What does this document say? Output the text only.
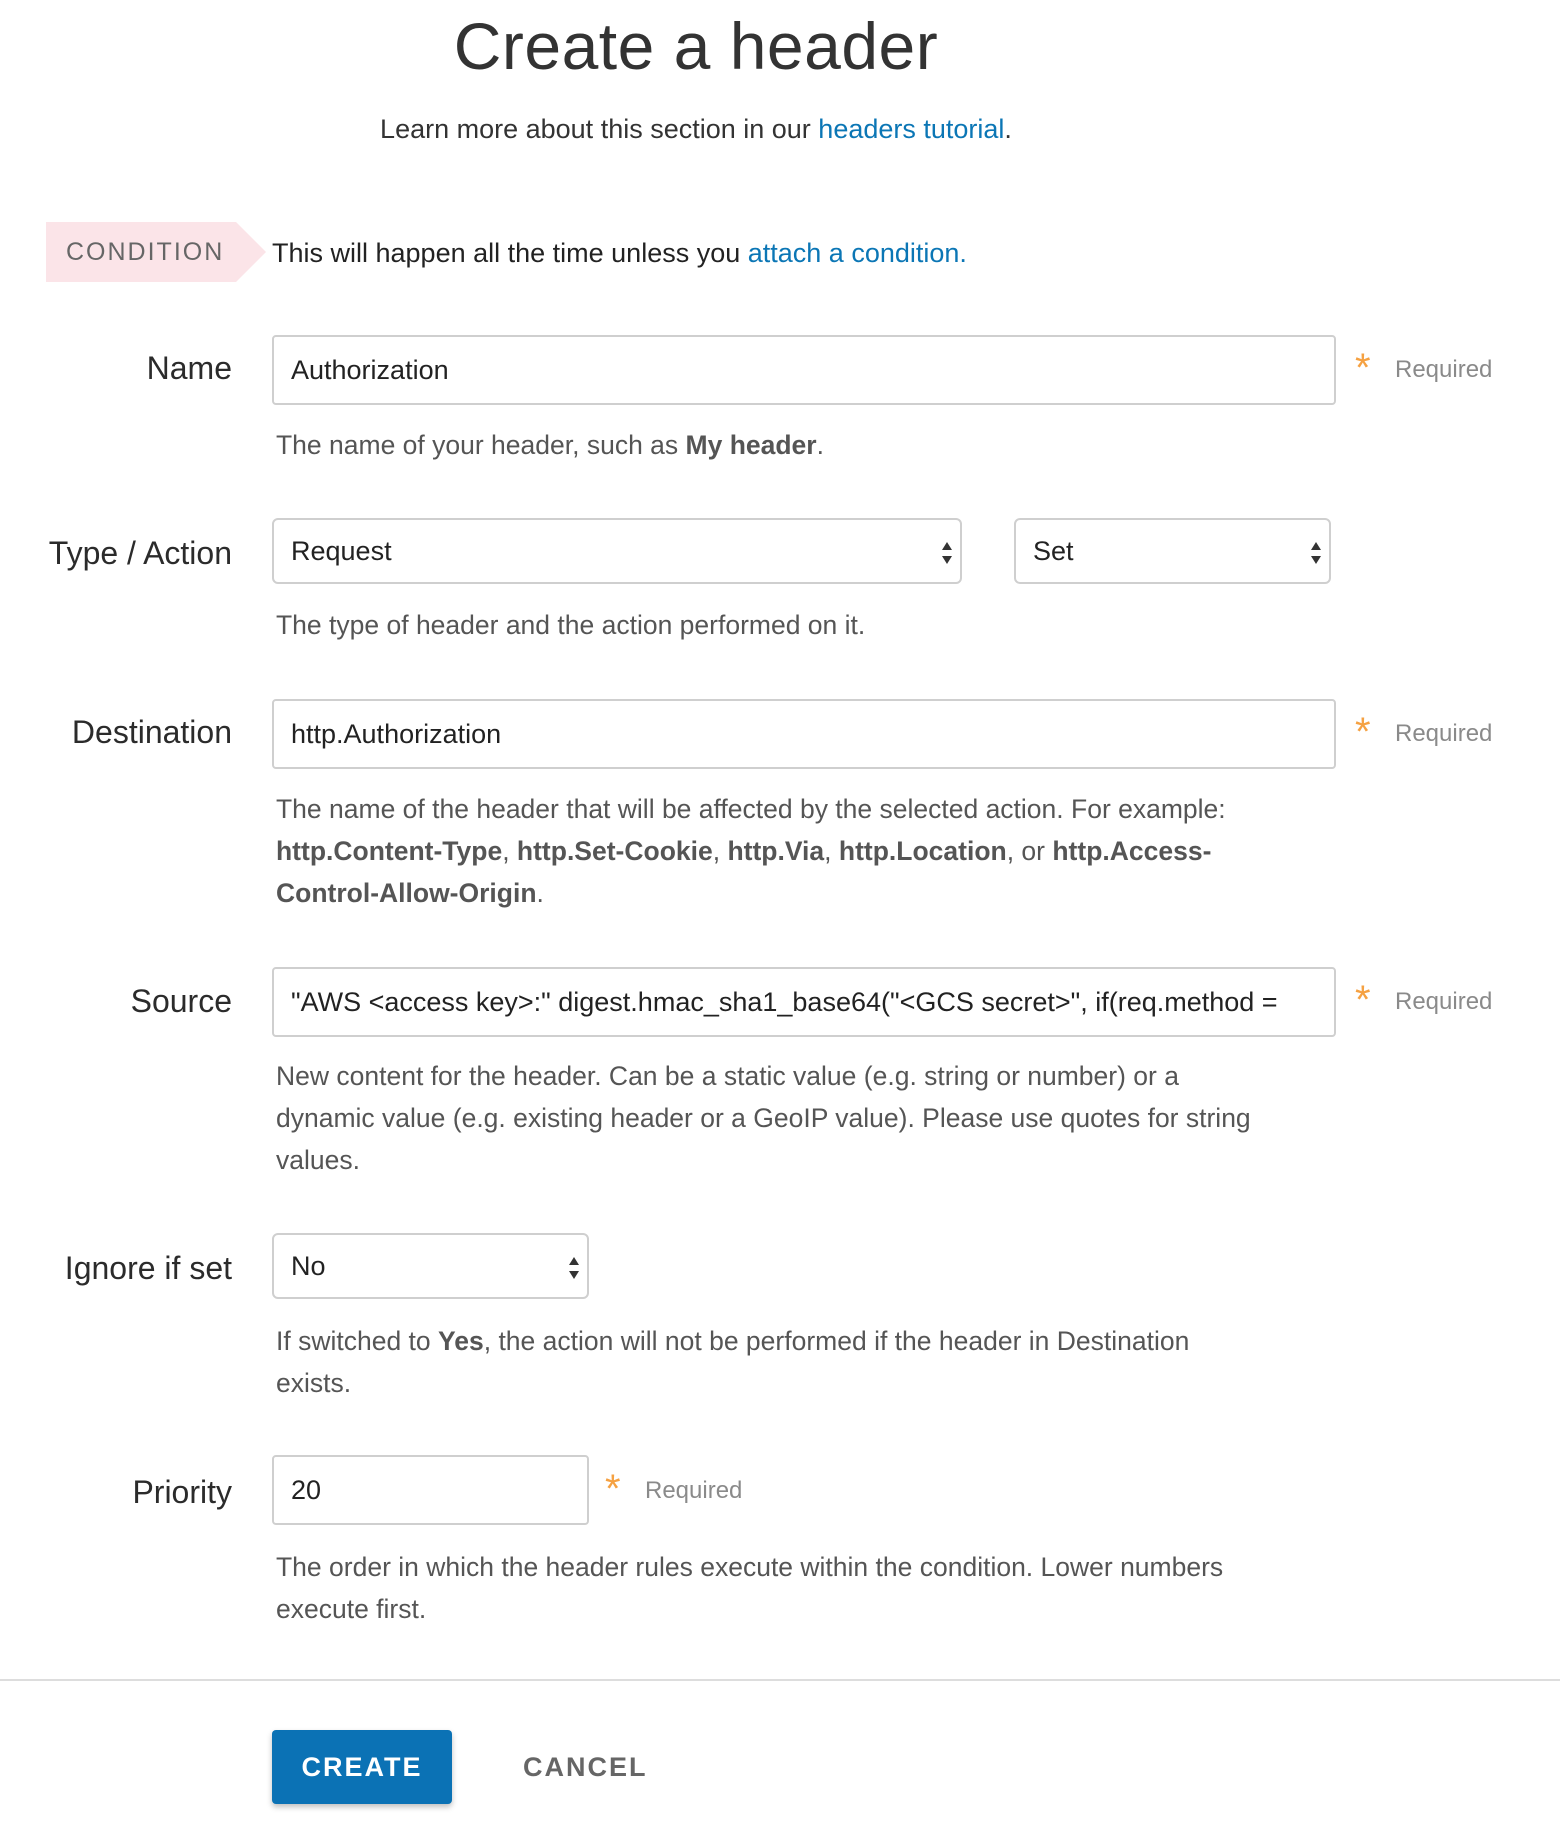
Create a header
Learn more about this section in our headers tutorial.
CONDITION	This will happen all the time unless you attach a condition.
Name	Authorization	* Required
The name of your header, such as My header.
Type / Action	Request	Set
The type of header and the action performed on it.
Destination	http.Authorization	* Required
The name of the header that will be affected by the selected action. For example:
http.Content-Type, http.Set-Cookie, http.Via, http.Location, or http.Access-
Control-Allow-Origin.
Source	"AWS <access key>:" digest.hmac_sha1_base64("<GCS secret>", if(req.method =	* Required
New content for the header. Can be a static value (e.g. string or number) or a
dynamic value (e.g. existing header or a GeoIP value). Please use quotes for string
values.
Ignore if set	No
If switched to Yes, the action will not be performed if the header in Destination
exists.
Priority	20	* Required
The order in which the header rules execute within the condition. Lower numbers
execute first.
CREATE	CANCEL
